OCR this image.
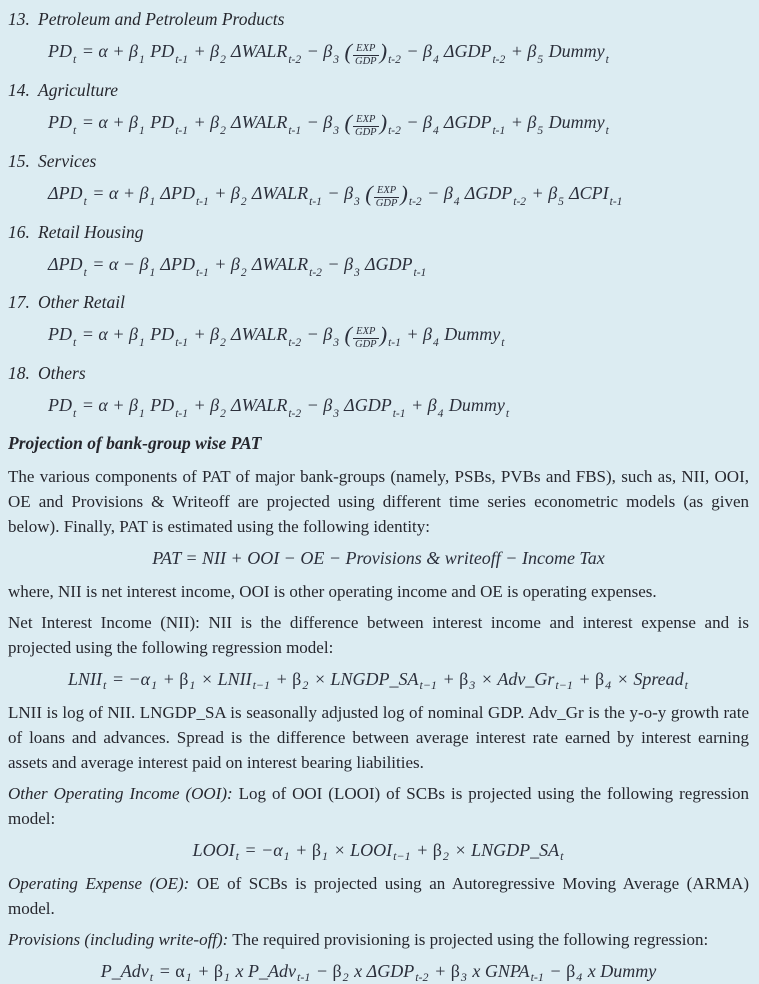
13. Petroleum and Petroleum Products
$PD_t = \alpha + \beta_1$ $PD_{t-1} + \beta_2$ $\Delta WALR_{t-2} - \beta_3$ ( $\frac{\text{EXP}}{\text{GDP}} )_{t-2} - \beta_4$ $\Delta GDP_{t-2} + \beta_5$ Dummy$_t$
14. Agriculture
$PD_t = \alpha + \beta_1$ $PD_{t-1} + \beta_2$ $\Delta WALR_{t-1} - \beta_3$ ( $\frac{\text{EXP}}{\text{GDP}} )_{t-2} - \beta_4$ $\Delta GDP_{t-1} + \beta_5$ Dummy$_t$
15. Services
$\Delta PD_t = \alpha + \beta_1$ $\Delta PD_{t-1} + \beta_2$ $\Delta WALR_{t-1} - \beta_3$ ( $\frac{\text{EXP}}{\text{GDP}} )_{t-2} - \beta_4$ $\Delta GDP_{t-2} + \beta_5$ $\Delta CPI_{t-1}$
16. Retail Housing
$\Delta PD_t = \alpha - \beta_1$ $\Delta PD_{t-1} + \beta_2$ $\Delta WALR_{t-2} - \beta_3$ $\Delta GDP_{t-1}$
17. Other Retail
$PD_t = \alpha + \beta_1$ $PD_{t-1} + \beta_2$ $\Delta WALR_{t-2} - \beta_3$ ( $\frac{\text{EXP}}{\text{GDP}} )_{t-1} + \beta_4$ Dummy$_t$
18. Others
$PD_t = \alpha + \beta_1$ $PD_{t-1} + \beta_2$ $\Delta WALR_{t-2} - \beta_3$ $\Delta GDP_{t-1} + \beta_4$ Dummy$_t$
Projection of bank-group wise PAT

The various components of PAT of major bank-groups (namely, PSBs, PVBs and FBS), such as, NII, OOI, OE and Provisions & Writeoff are projected using different time series econometric models (as given below). Finally, PAT is estimated using the following identity:

PAT = NII + OOI − OE − Provisions & writeoff − Income Tax

where, NII is net interest income, OOI is other operating income and OE is operating expenses.

Net Interest Income (NII): NII is the difference between interest income and interest expense and is projected using the following regression model:

$LNII_t = -\alpha_1 + \beta_1$ × $LNII_{t-1} + \beta_2$ × $LNGDP\_SA_{t-1} + \beta_3$ × $Adv\_Gr_{t-1} + \beta_4$ × Spread$_t$

LNII is log of NII. LNGDP_SA is seasonally adjusted log of nominal GDP. Adv_Gr is the y-o-y growth rate of loans and advances. Spread is the difference between average interest rate earned by interest earning assets and average interest paid on interest bearing liabilities.

Other Operating Income (OOI): Log of OOI (LOOI) of SCBs is projected using the following regression model:

$LOOI_t = -\alpha_1 + \beta_1$ × $LOOI_{t-1} + \beta_2$ × $LNGDP\_SA_t$

Operating Expense (OE): OE of SCBs is projected using an Autoregressive Moving Average (ARMA) model.

Provisions (including write-off): The required provisioning is projected using the following regression:

P_Adv$_t$ = $\alpha_1 + \beta_1$ x P_Adv$_{t-1}$ − $\beta_2$ x $\Delta GDP_{t-2} + \beta_3$ x $GNPA_{t-1} - \beta_4$ x Dummy
